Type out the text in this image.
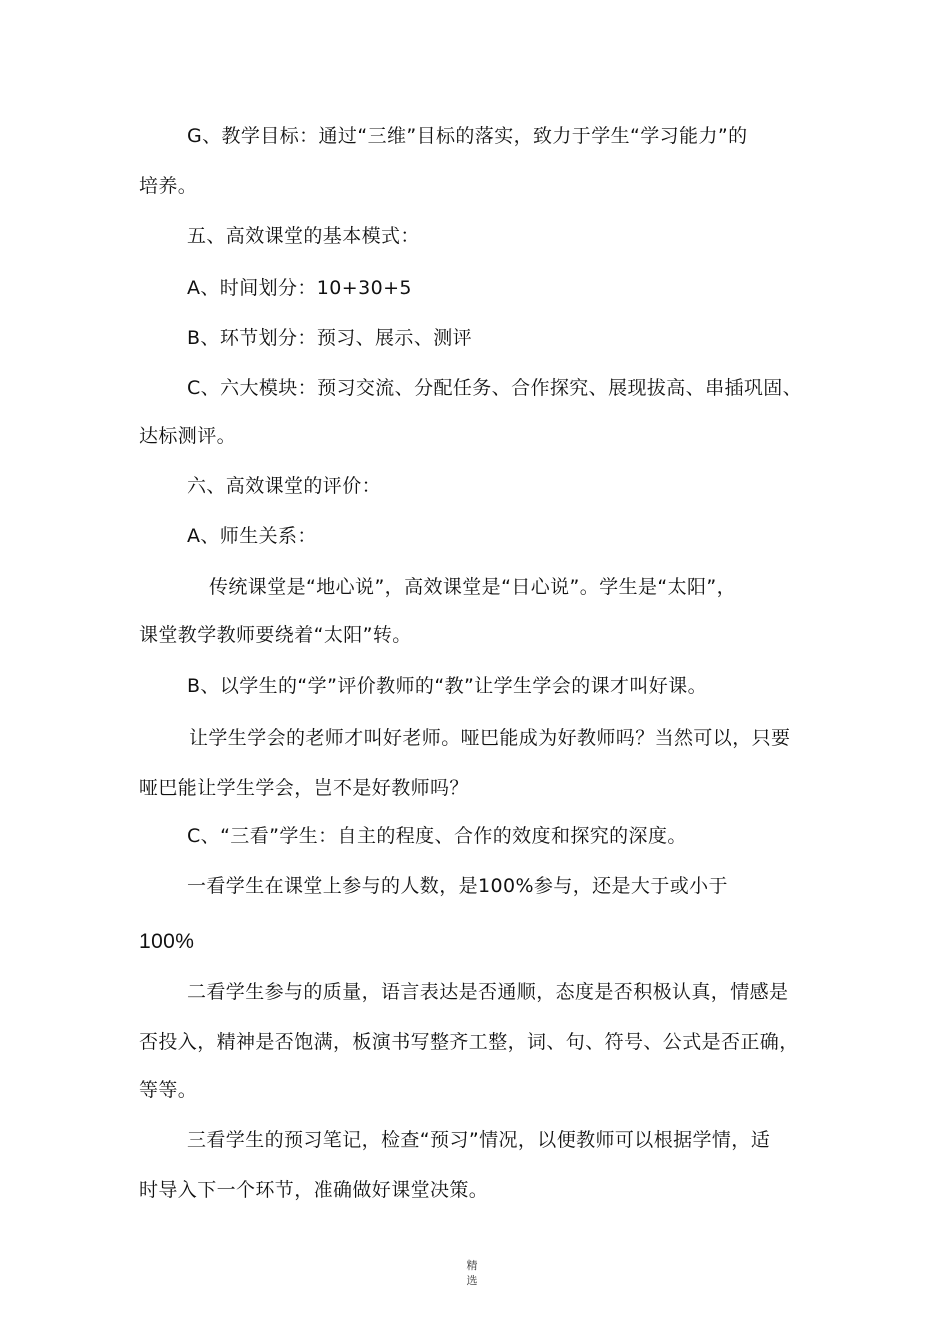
G、教学目标：通过“三维”目标的落实，致力于学生“学习能力”的
培养。
五、高效课堂的基本模式：
A、时间划分：10+30+5
B、环节划分：预习、展示、测评
C、六大模块：预习交流、分配任务、合作探究、展现拔高、串插巩固、
达标测评。
六、高效课堂的评价：
A、师生关系：
传统课堂是“地心说”，高效课堂是“日心说”。学生是“太阳”，
课堂教学教师要绕着“太阳”转。
B、以学生的“学”评价教师的“教”让学生学会的课才叫好课。
让学生学会的老师才叫好老师。哑巴能成为好教师吗？当然可以，只要
哑巴能让学生学会，岂不是好教师吗？
C、“三看”学生：自主的程度、合作的效度和探究的深度。
一看学生在课堂上参与的人数，是100%参与，还是大于或小于
100%
二看学生参与的质量，语言表达是否通顺，态度是否积极认真，情感是
否投入，精神是否饱满，板演书写整齐工整，词、句、符号、公式是否正确，
等等。
三看学生的预习笔记，检查“预习”情况，以便教师可以根据学情，适
时导入下一个环节，准确做好课堂决策。
精
选
